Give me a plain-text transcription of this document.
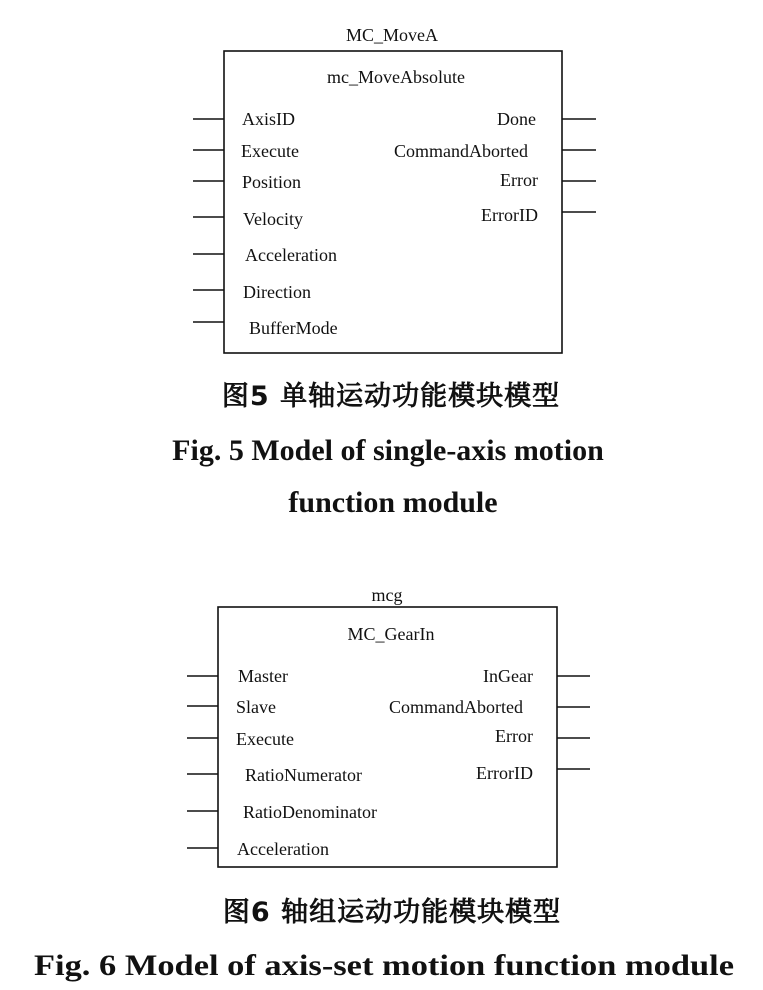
MC_MoveA
mc_MoveAbsolute
AxisID
Execute
Position
Velocity
Acceleration
Direction
BufferMode
Done
CommandAborted
Error
ErrorID
图5 单轴运动功能模块模型
Fig. 5 Model of single-axis motion
function module
mcg
MC_GearIn
Master
Slave
Execute
RatioNumerator
RatioDenominator
Acceleration
InGear
CommandAborted
Error
ErrorID
图6 轴组运动功能模块模型
Fig. 6 Model of axis-set motion function module
